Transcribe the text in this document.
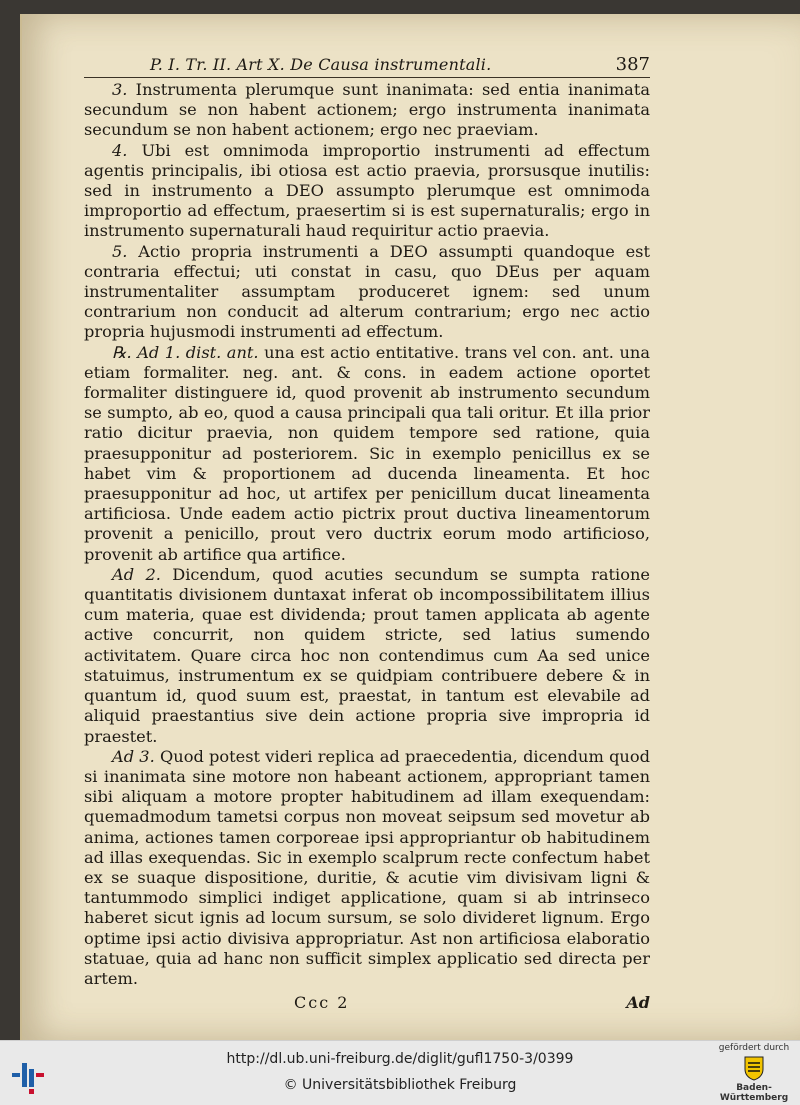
P. I. Tr. II. Art X. De Causa instrumentali.	387

3. Instrumenta plerumque sunt inanimata: sed entia inanimata secundum se non habent actionem; ergo instrumenta inanimata secundum se non habent actionem; ergo nec praeviam.

4. Ubi est omnimoda improportio instrumenti ad effectum agentis principalis, ibi otiosa est actio praevia, prorsusque inutilis: sed in instrumento a DEO assumpto plerumque est omnimoda improportio ad effectum, praesertim si is est supernaturalis; ergo in instrumento supernaturali haud requiritur actio praevia.

5. Actio propria instrumenti a DEO assumpti quandoque est contraria effectui; uti constat in casu, quo DEus per aquam instrumentaliter assumptam produceret ignem: sed unum contrarium non conducit ad alterum contrarium; ergo nec actio propria hujusmodi instrumenti ad effectum.

℞. Ad 1. dist. ant. una est actio entitative. trans vel con. ant. una etiam formaliter. neg. ant. & cons. in eadem actione oportet formaliter distinguere id, quod provenit ab instrumento secundum se sumpto, ab eo, quod a causa principali qua tali oritur. Et illa prior ratio dicitur praevia, non quidem tempore sed ratione, quia praesupponitur ad posteriorem. Sic in exemplo penicillus ex se habet vim & proportionem ad ducenda lineamenta. Et hoc praesupponitur ad hoc, ut artifex per penicillum ducat lineamenta artificiosa. Unde eadem actio pictrix prout ductiva lineamentorum provenit a penicillo, prout vero ductrix eorum modo artificioso, provenit ab artifice qua artifice.

Ad 2. Dicendum, quod acuties secundum se sumpta ratione quantitatis divisionem duntaxat inferat ob incompossibilitatem illius cum materia, quae est dividenda; prout tamen applicata ab agente active concurrit, non quidem stricte, sed latius sumendo activitatem. Quare circa hoc non contendimus cum Aa sed unice statuimus, instrumentum ex se quidpiam contribuere debere & in quantum id, quod suum est, praestat, in tantum est elevabile ad aliquid praestantius sive dein actione propria sive impropria id praestet.

Ad 3. Quod potest videri replica ad praecedentia, dicendum quod si inanimata sine motore non habeant actionem, appropriant tamen sibi aliquam a motore propter habitudinem ad illam exequendam: quemadmodum tametsi corpus non moveat seipsum sed movetur ab anima, actiones tamen corporeae ipsi appropriantur ob habitudinem ad illas exequendas. Sic in exemplo scalprum recte confectum habet ex se suaque dispositione, duritie, & acutie vim divisivam ligni & tantummodo simplici indiget applicatione, quam si ab intrinseco haberet sicut ignis ad locum sursum, se solo divideret lignum. Ergo optime ipsi actio divisiva appropriatur. Ast non artificiosa elaboratio statuae, quia ad hanc non sufficit simplex applicatio sed directa per artem.

Ccc 2	Ad
http://dl.ub.uni-freiburg.de/diglit/gufl1750-3/0399
© Universitätsbibliothek Freiburg
gefördert durch
Baden-Württemberg
